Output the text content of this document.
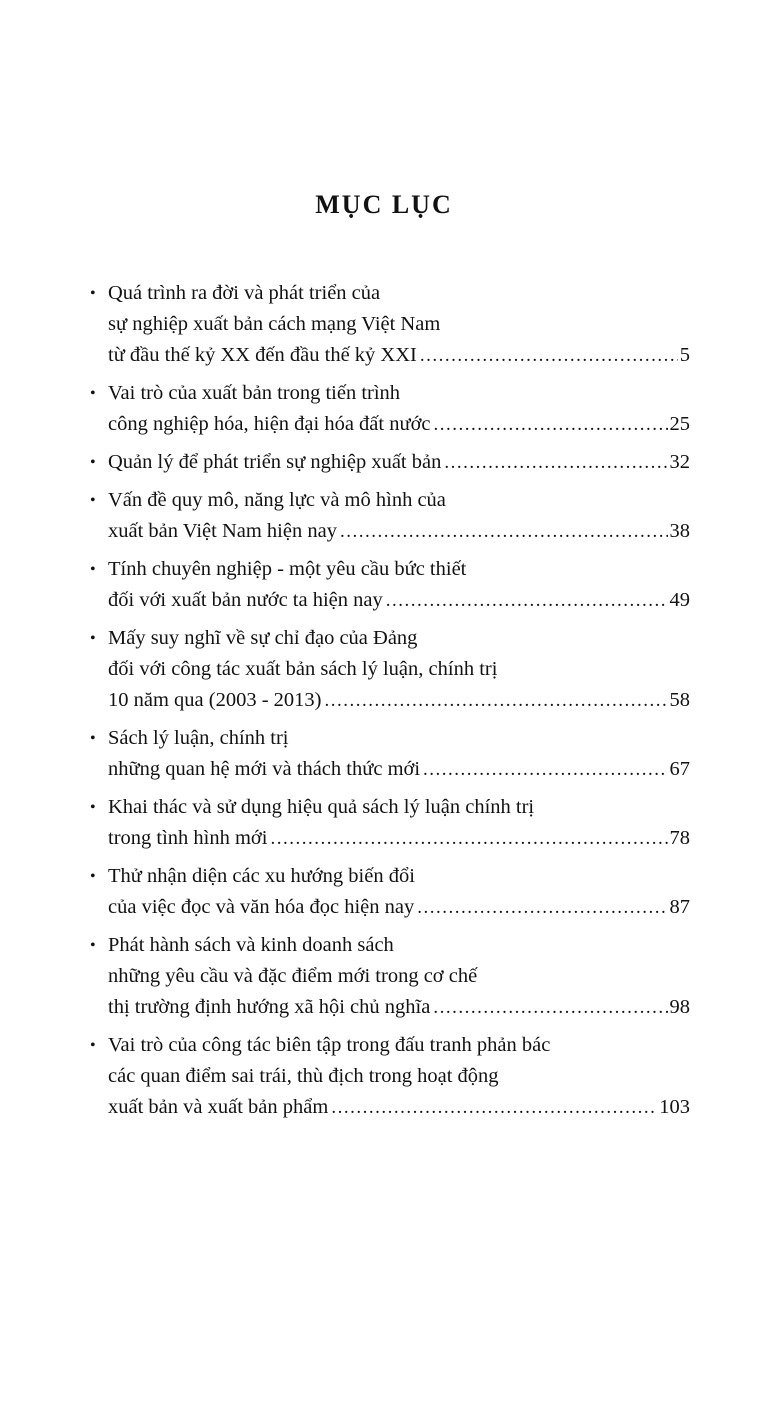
MỤC LỤC
• Quá trình ra đời và phát triển của
sự nghiệp xuất bản cách mạng Việt Nam
từ đầu thế kỷ XX đến đầu thế kỷ XXI .....	5
• Vai trò của xuất bản trong tiến trình
công nghiệp hóa, hiện đại hóa đất nước .....	25
• Quản lý để phát triển sự nghiệp xuất bản .....	32
• Vấn đề quy mô, năng lực và mô hình của
xuất bản Việt Nam hiện nay .....	38
• Tính chuyên nghiệp - một yêu cầu bức thiết
đối với xuất bản nước ta hiện nay .....	49
• Mấy suy nghĩ về sự chỉ đạo của Đảng
đối với công tác xuất bản sách lý luận, chính trị
10 năm qua (2003 - 2013) .....	58
• Sách lý luận, chính trị
những quan hệ mới và thách thức mới .....	67
• Khai thác và sử dụng hiệu quả sách lý luận chính trị
trong tình hình mới .....	78
• Thử nhận diện các xu hướng biến đổi
của việc đọc và văn hóa đọc hiện nay .....	87
• Phát hành sách và kinh doanh sách
những yêu cầu và đặc điểm mới trong cơ chế
thị trường định hướng xã hội chủ nghĩa .....	98
• Vai trò của công tác biên tập trong đấu tranh phản bác
các quan điểm sai trái, thù địch trong hoạt động
xuất bản và xuất bản phẩm .....	103
